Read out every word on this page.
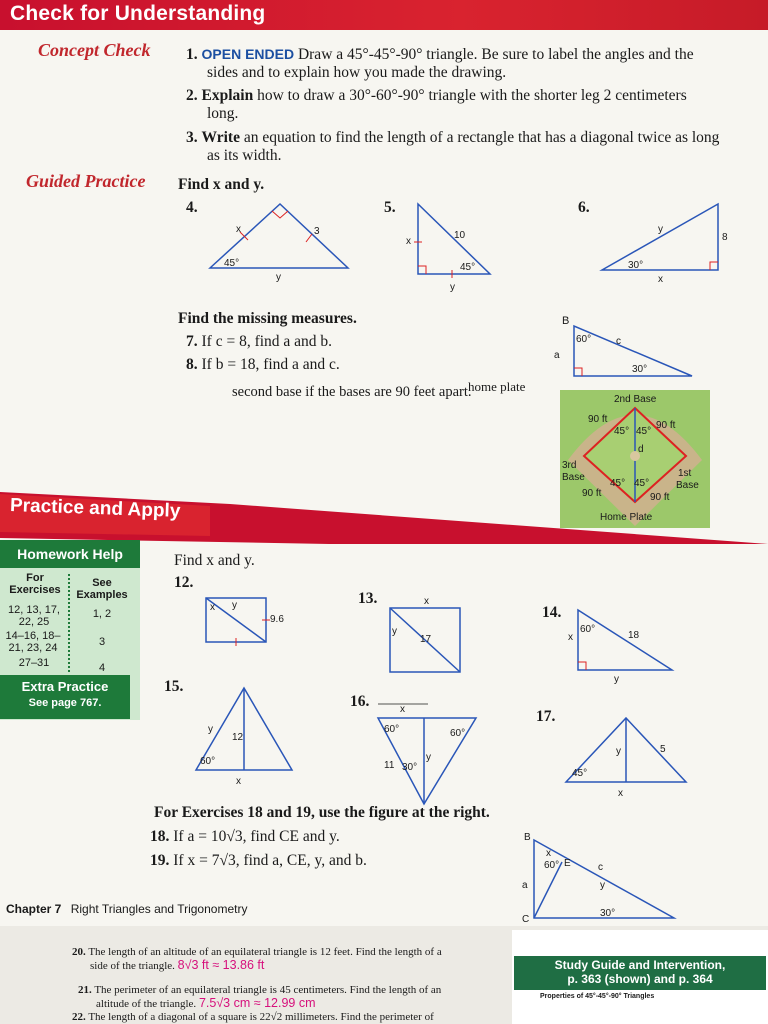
Check for Understanding
Concept Check 1. OPEN ENDED Draw a 45°-45°-90° triangle. Be sure to label the angles and the
sides and to explain how you made the drawing.
2. Explain how to draw a 30°-60°-90° triangle with the shorter leg 2 centimeters
long.
3. Write an equation to find the length of a rectangle that has a diagonal twice as long
as its width.
Guided Practice Find x and y.
4.	5.	6.
x	3
45°
y
x
10
45°
y
y
8
30°
x
Find the missing measures.
7. If c = 8, find a and b.
8. If b = 18, find a and c.
second base if the bases are 90 feet apart.
home plate
B
60°
a
c
30°
2nd Base
90 ft
90 ft
45° 45°
d
3rd
Base	1st
Base
45° 45°
90 ft	90 ft
Home Plate
Practice and Apply
Homework Help
For Exercises
See Examples
12, 13, 17, 22, 25
1, 2
14–16, 18–21, 23, 24	3
27–31	4
Extra Practice
See page 767.
Find x and y.
12.
13.
14.
15.
16.
17.
x y
9.6
x
y
17	x
60°
18
y
y
12
60°
x
x
60°	60°
11 30°
y
y	5
45°
x
For Exercises 18 and 19, use the figure at the right.
18. If a = 10√3, find CE and y.
19. If x = 7√3, find a, CE, y, and b.
B
x
E
60°	c
y
a
C
30°
Chapter 7 Right Triangles and Trigonometry
20. The length of an altitude of an equilateral triangle is 12 feet. Find the length of a
side of the triangle. 8√3 ft ≈ 13.86 ft
21. The perimeter of an equilateral triangle is 45 centimeters. Find the length of an
altitude of the triangle. 7.5√3 cm ≈ 12.99 cm
22. The length of a diagonal of a square is 22√2 millimeters. Find the perimeter of
Study Guide and Intervention,
p. 363 (shown) and p. 364
Properties of 45°-45°-90° Triangles
